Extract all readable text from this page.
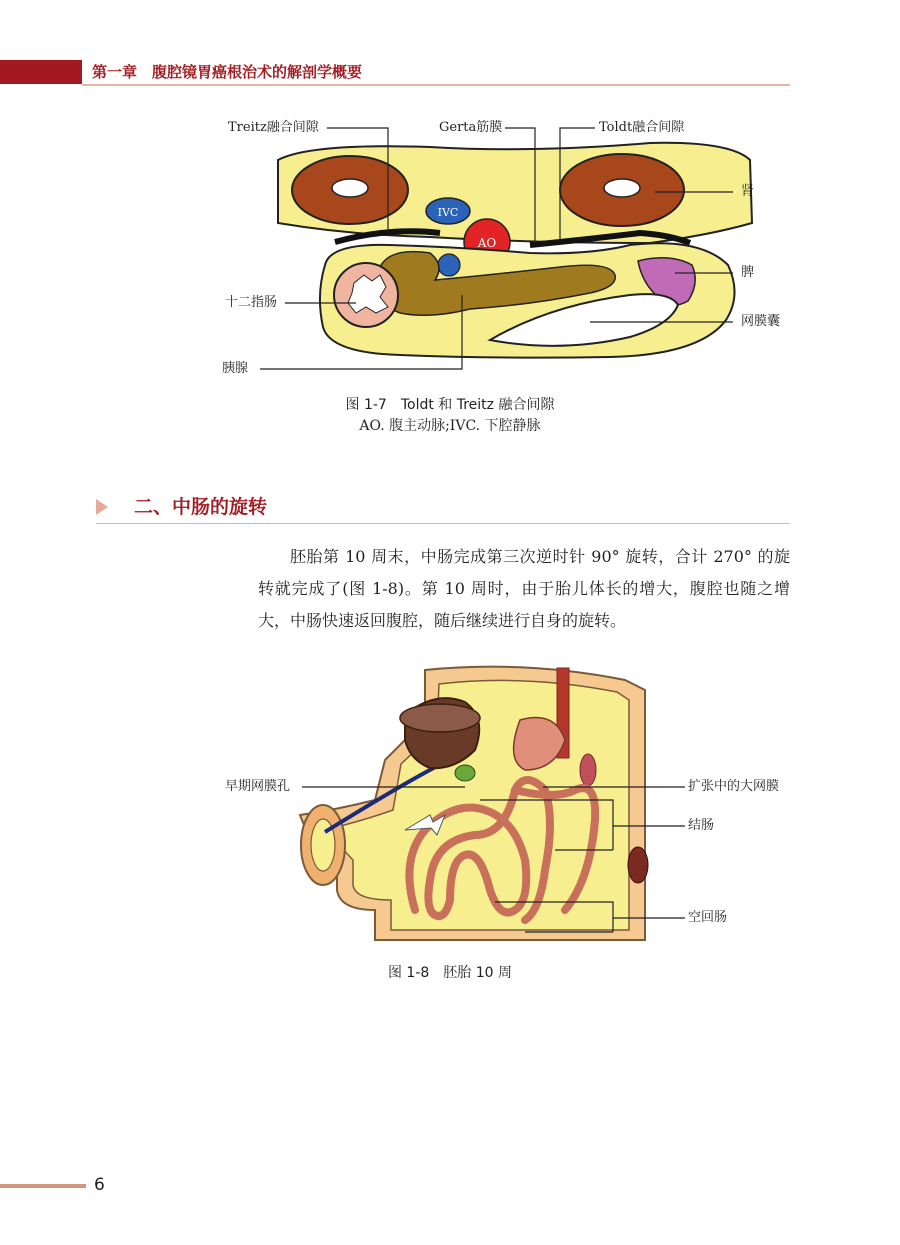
第一章　腹腔镜胃癌根治术的解剖学概要
IVC
AO
Treitz融合间隙	Gerta筋膜	Toldt融合间隙
肾
脾
十二指肠
网膜囊
胰腺
图 1-7　Toldt 和 Treitz 融合间隙
AO. 腹主动脉;IVC. 下腔静脉
二、中肠的旋转

胚胎第 10 周末，中肠完成第三次逆时针 90° 旋转，合计 270° 的旋转就完成了(图 1-8)。第 10 周时，由于胎儿体长的增大，腹腔也随之增大，中肠快速返回腹腔，随后继续进行自身的旋转。

早期网膜孔	扩张中的大网膜
结肠
空回肠
图 1-8　胚胎 10 周
6
